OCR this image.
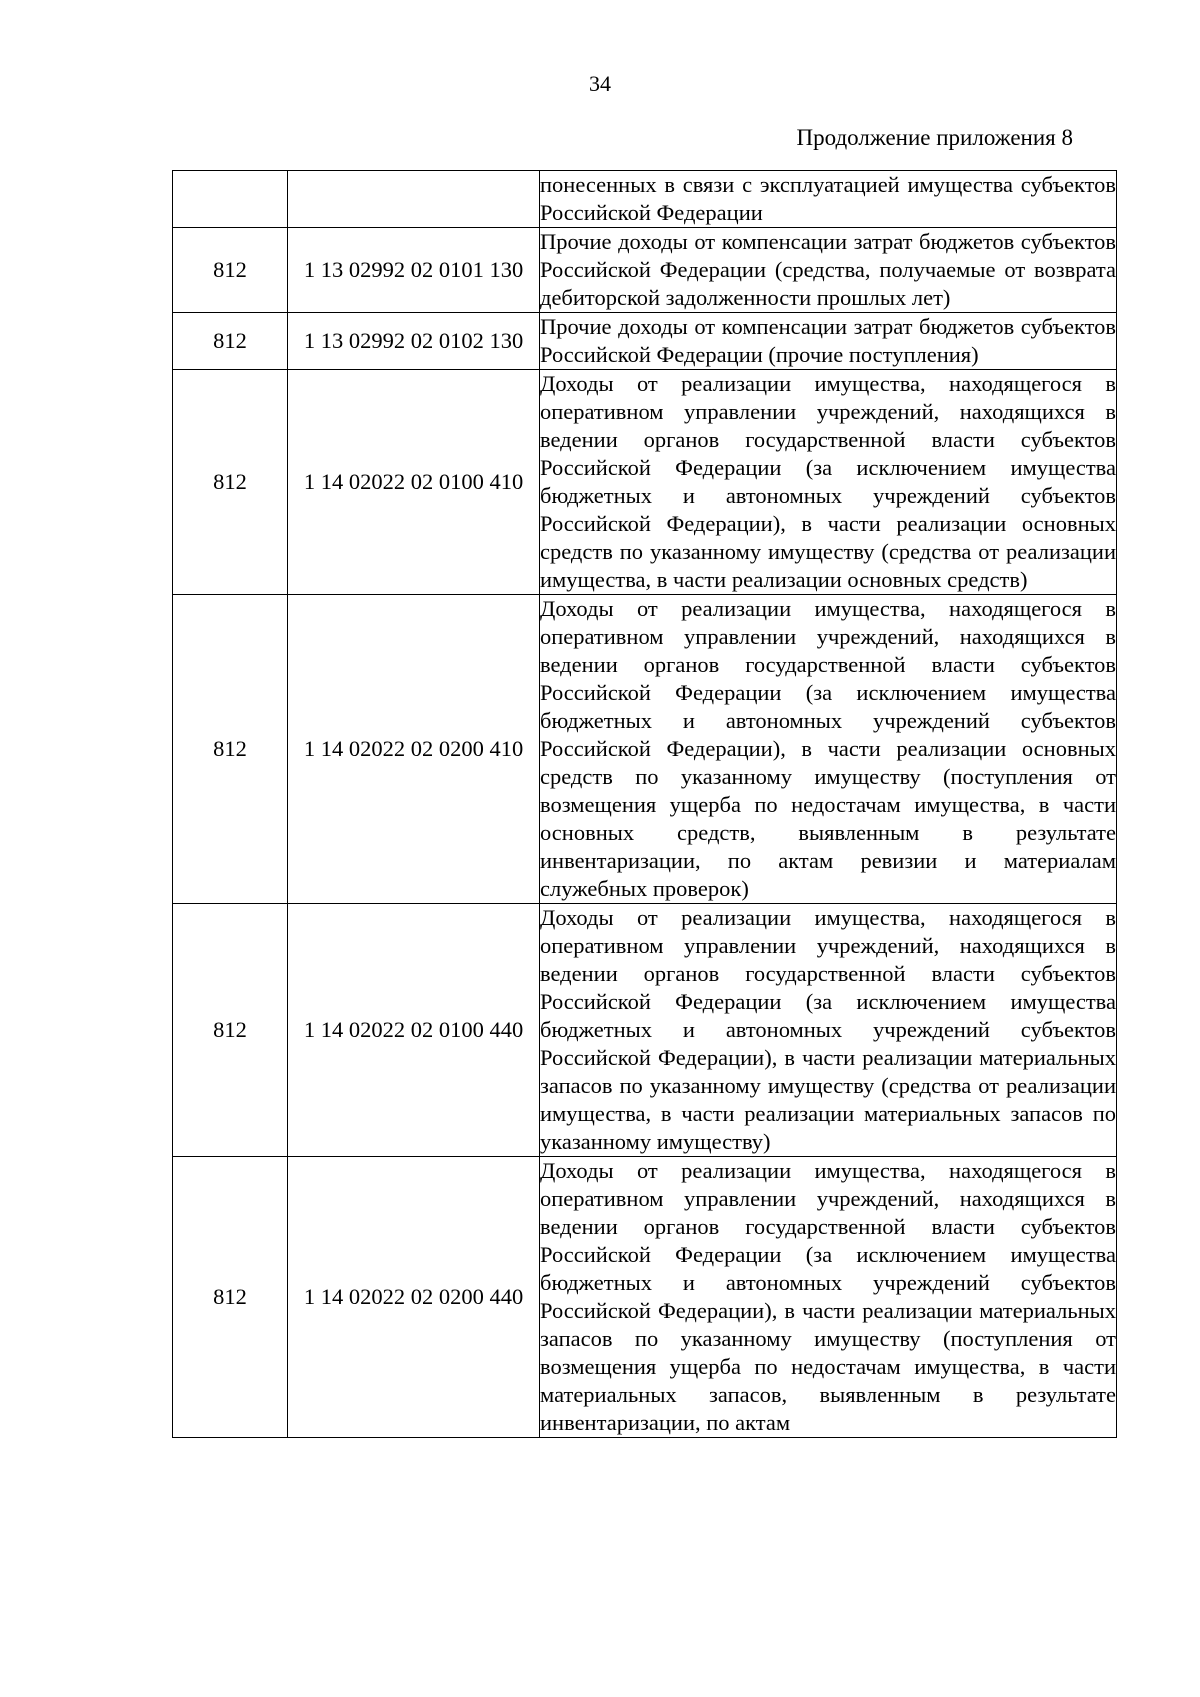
34
Продолжение приложения 8
		понесенных в связи с эксплуатацией имущества субъектов Российской Федерации
812	1 13 02992 02 0101 130	Прочие доходы от компенсации затрат бюджетов субъектов Российской Федерации (средства, получаемые от возврата дебиторской задолженности прошлых лет)
812	1 13 02992 02 0102 130	Прочие доходы от компенсации затрат бюджетов субъектов Российской Федерации (прочие поступления)
812	1 14 02022 02 0100 410	Доходы от реализации имущества, находящегося в оперативном управлении учреждений, находящихся в ведении органов государственной власти субъектов Российской Федерации (за исключением имущества бюджетных и автономных учреждений субъектов Российской Федерации), в части реализации основных средств по указанному имуществу (средства от реализации имущества, в части реализации основных средств)
812	1 14 02022 02 0200 410	Доходы от реализации имущества, находящегося в оперативном управлении учреждений, находящихся в ведении органов государственной власти субъектов Российской Федерации (за исключением имущества бюджетных и автономных учреждений субъектов Российской Федерации), в части реализации основных средств по указанному имуществу (поступления от возмещения ущерба по недостачам имущества, в части основных средств, выявленным в результате инвентаризации, по актам ревизии и материалам служебных проверок)
812	1 14 02022 02 0100 440	Доходы от реализации имущества, находящегося в оперативном управлении учреждений, находящихся в ведении органов государственной власти субъектов Российской Федерации (за исключением имущества бюджетных и автономных учреждений субъектов Российской Федерации), в части реализации материальных запасов по указанному имуществу (средства от реализации имущества, в части реализации материальных запасов по указанному имуществу)
812	1 14 02022 02 0200 440	Доходы от реализации имущества, находящегося в оперативном управлении учреждений, находящихся в ведении органов государственной власти субъектов Российской Федерации (за исключением имущества бюджетных и автономных учреждений субъектов Российской Федерации), в части реализации материальных запасов по указанному имуществу (поступления от возмещения ущерба по недостачам имущества, в части материальных запасов, выявленным в результате инвентаризации, по актам
